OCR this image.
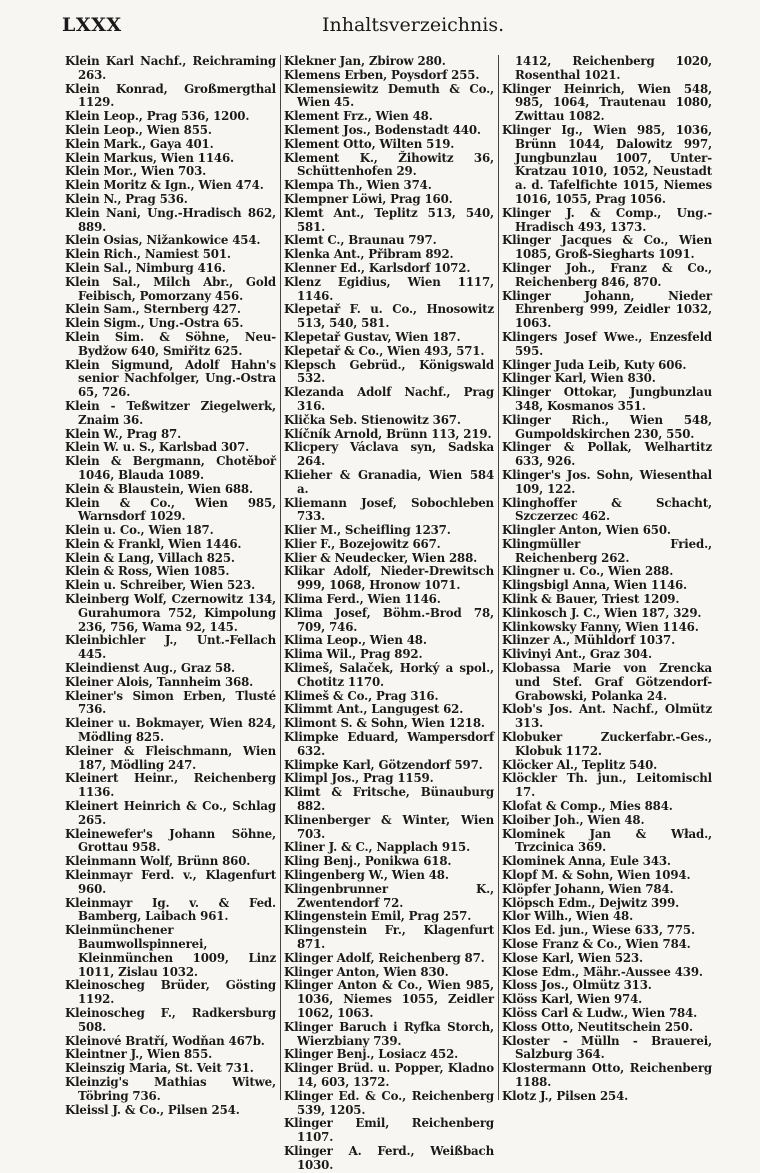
LXXX	Inhaltsverzeichnis.
Klein Karl Nachf., Reichraming 263.
Klein Konrad, Großmergthal 1129.
Klein Leop., Prag 536, 1200.
Klein Leop., Wien 855.
Klein Mark., Gaya 401.
Klein Markus, Wien 1146.
Klein Mor., Wien 703.
Klein Moritz & Ign., Wien 474.
Klein N., Prag 536.
Klein Nani, Ung.-Hradisch 862, 889.
Klein Osias, Nižankowice 454.
Klein Rich., Namiest 501.
Klein Sal., Nimburg 416.
Klein Sal., Milch Abr., Gold Feibisch, Pomorzany 456.
Klein Sam., Sternberg 427.
Klein Sigm., Ung.-Ostra 65.
Klein Sim. & Söhne, Neu-Bydžow 640, Smiřitz 625.
Klein Sigmund, Adolf Hahn's senior Nachfolger, Ung.-Ostra 65, 726.
Klein - Teßwitzer Ziegelwerk, Znaim 36.
Klein W., Prag 87.
Klein W. u. S., Karlsbad 307.
Klein & Bergmann, Chotěboř 1046, Blauda 1089.
Klein & Blaustein, Wien 688.
Klein & Co., Wien 985, Warnsdorf 1029.
Klein u. Co., Wien 187.
Klein & Frankl, Wien 1446.
Klein & Lang, Villach 825.
Klein & Ross, Wien 1085.
Klein u. Schreiber, Wien 523.
Kleinberg Wolf, Czernowitz 134, Gurahumora 752, Kimpolung 236, 756, Wama 92, 145.
Kleinbichler J., Unt.-Fellach 445.
Kleindienst Aug., Graz 58.
Kleiner Alois, Tannheim 368.
Kleiner's Simon Erben, Tlusté 736.
Kleiner u. Bokmayer, Wien 824, Mödling 825.
Kleiner & Fleischmann, Wien 187, Mödling 247.
Kleinert Heinr., Reichenberg 1136.
Kleinert Heinrich & Co., Schlag 265.
Kleinewefer's Johann Söhne, Grottau 958.
Kleinmann Wolf, Brünn 860.
Kleinmayr Ferd. v., Klagenfurt 960.
Kleinmayr Ig. v. & Fed. Bamberg, Laibach 961.
Kleinmünchener Baumwollspinnerei, Kleinmünchen 1009, Linz 1011, Zislau 1032.
Kleinoscheg Brüder, Gösting 1192.
Kleinoscheg F., Radkersburg 508.
Kleinové Bratří, Wodňan 467b.
Kleintner J., Wien 855.
Kleinszig Maria, St. Veit 731.
Kleinzig's Mathias Witwe, Töbring 736.
Kleissl J. & Co., Pilsen 254.
Klekner Jan, Zbirow 280.
Klemens Erben, Poysdorf 255.
Klemensiewitz Demuth & Co., Wien 45.
Klement Frz., Wien 48.
Klement Jos., Bodenstadt 440.
Klement Otto, Wilten 519.
Klement K., Žihowitz 36, Schüttenhofen 29.
Klempa Th., Wien 374.
Klempner Löwi, Prag 160.
Klemt Ant., Teplitz 513, 540, 581.
Klemt C., Braunau 797.
Klenka Ant., Přibram 892.
Klenner Ed., Karlsdorf 1072.
Klenz Egidius, Wien 1117, 1146.
Klepetař F. u. Co., Hnosowitz 513, 540, 581.
Klepetař Gustav, Wien 187.
Klepetař & Co., Wien 493, 571.
Klepsch Gebrüd., Königswald 532.
Klezanda Adolf Nachf., Prag 316.
Klička Seb. Stienowitz 367.
Klíčník Arnold, Brünn 113, 219.
Klicpery Václava syn, Sadska 264.
Klieher & Granadia, Wien 584 a.
Kliemann Josef, Sobochleben 733.
Klier M., Scheifling 1237.
Klier F., Bozejowitz 667.
Klier & Neudecker, Wien 288.
Klikar Adolf, Nieder-Drewitsch 999, 1068, Hronow 1071.
Klima Ferd., Wien 1146.
Klima Josef, Böhm.-Brod 78, 709, 746.
Klima Leop., Wien 48.
Klima Wil., Prag 892.
Klimeš, Salaček, Horký a spol., Chotitz 1170.
Klimeš & Co., Prag 316.
Klimmt Ant., Langugest 62.
Klimont S. & Sohn, Wien 1218.
Klimpke Eduard, Wampersdorf 632.
Klimpke Karl, Götzendorf 597.
Klimpl Jos., Prag 1159.
Klimt & Fritsche, Bünauburg 882.
Klinenberger & Winter, Wien 703.
Kliner J. & C., Napplach 915.
Kling Benj., Ponikwa 618.
Klingenberg W., Wien 48.
Klingenbrunner K., Zwentendorf 72.
Klingenstein Emil, Prag 257.
Klingenstein Fr., Klagenfurt 871.
Klinger Adolf, Reichenberg 87.
Klinger Anton, Wien 830.
Klinger Anton & Co., Wien 985, 1036, Niemes 1055, Zeidler 1062, 1063.
Klinger Baruch i Ryfka Storch, Wierzbiany 739.
Klinger Benj., Losiacz 452.
Klinger Brüd. u. Popper, Kladno 14, 603, 1372.
Klinger Ed. & Co., Reichenberg 539, 1205.
Klinger Emil, Reichenberg 1107.
Klinger A. Ferd., Weißbach 1030.
1412, Reichenberg 1020, Rosenthal 1021.
Klinger Heinrich, Wien 548, 985, 1064, Trautenau 1080, Zwittau 1082.
Klinger Ig., Wien 985, 1036, Brünn 1044, Dalowitz 997, Jungbunzlau 1007, Unter-Kratzau 1010, 1052, Neustadt a. d. Tafelfichte 1015, Niemes 1016, 1055, Prag 1056.
Klinger J. & Comp., Ung.-Hradisch 493, 1373.
Klinger Jacques & Co., Wien 1085, Groß-Siegharts 1091.
Klinger Joh., Franz & Co., Reichenberg 846, 870.
Klinger Johann, Nieder Ehrenberg 999, Zeidler 1032, 1063.
Klingers Josef Wwe., Enzesfeld 595.
Klinger Juda Leib, Kuty 606.
Klinger Karl, Wien 830.
Klinger Ottokar, Jungbunzlau 348, Kosmanos 351.
Klinger Rich., Wien 548, Gumpoldskirchen 230, 550.
Klinger & Pollak, Welhartitz 633, 926.
Klinger's Jos. Sohn, Wiesenthal 109, 122.
Klinghoffer & Schacht, Szczerzec 462.
Klingler Anton, Wien 650.
Klingmüller Fried., Reichenberg 262.
Klingner u. Co., Wien 288.
Klingsbigl Anna, Wien 1146.
Klink & Bauer, Triest 1209.
Klinkosch J. C., Wien 187, 329.
Klinkowsky Fanny, Wien 1146.
Klinzer A., Mühldorf 1037.
Klivinyi Ant., Graz 304.
Klobassa Marie von Zrencka und Stef. Graf Götzendorf-Grabowski, Polanka 24.
Klob's Jos. Ant. Nachf., Olmütz 313.
Klobuker Zuckerfabr.-Ges., Klobuk 1172.
Klöcker Al., Teplitz 540.
Klöckler Th. jun., Leitomischl 17.
Klofat & Comp., Mies 884.
Kloiber Joh., Wien 48.
Klominek Jan & Wład., Trzcinica 369.
Klominek Anna, Eule 343.
Klopf M. & Sohn, Wien 1094.
Klöpfer Johann, Wien 784.
Klöpsch Edm., Dejwitz 399.
Klor Wilh., Wien 48.
Klos Ed. jun., Wiese 633, 775.
Klose Franz & Co., Wien 784.
Klose Karl, Wien 523.
Klose Edm., Mähr.-Aussee 439.
Kloss Jos., Olmütz 313.
Klöss Karl, Wien 974.
Klöss Carl & Ludw., Wien 784.
Kloss Otto, Neutitschein 250.
Kloster - Mülln - Brauerei, Salzburg 364.
Klostermann Otto, Reichenberg 1188.
Klotz J., Pilsen 254.
